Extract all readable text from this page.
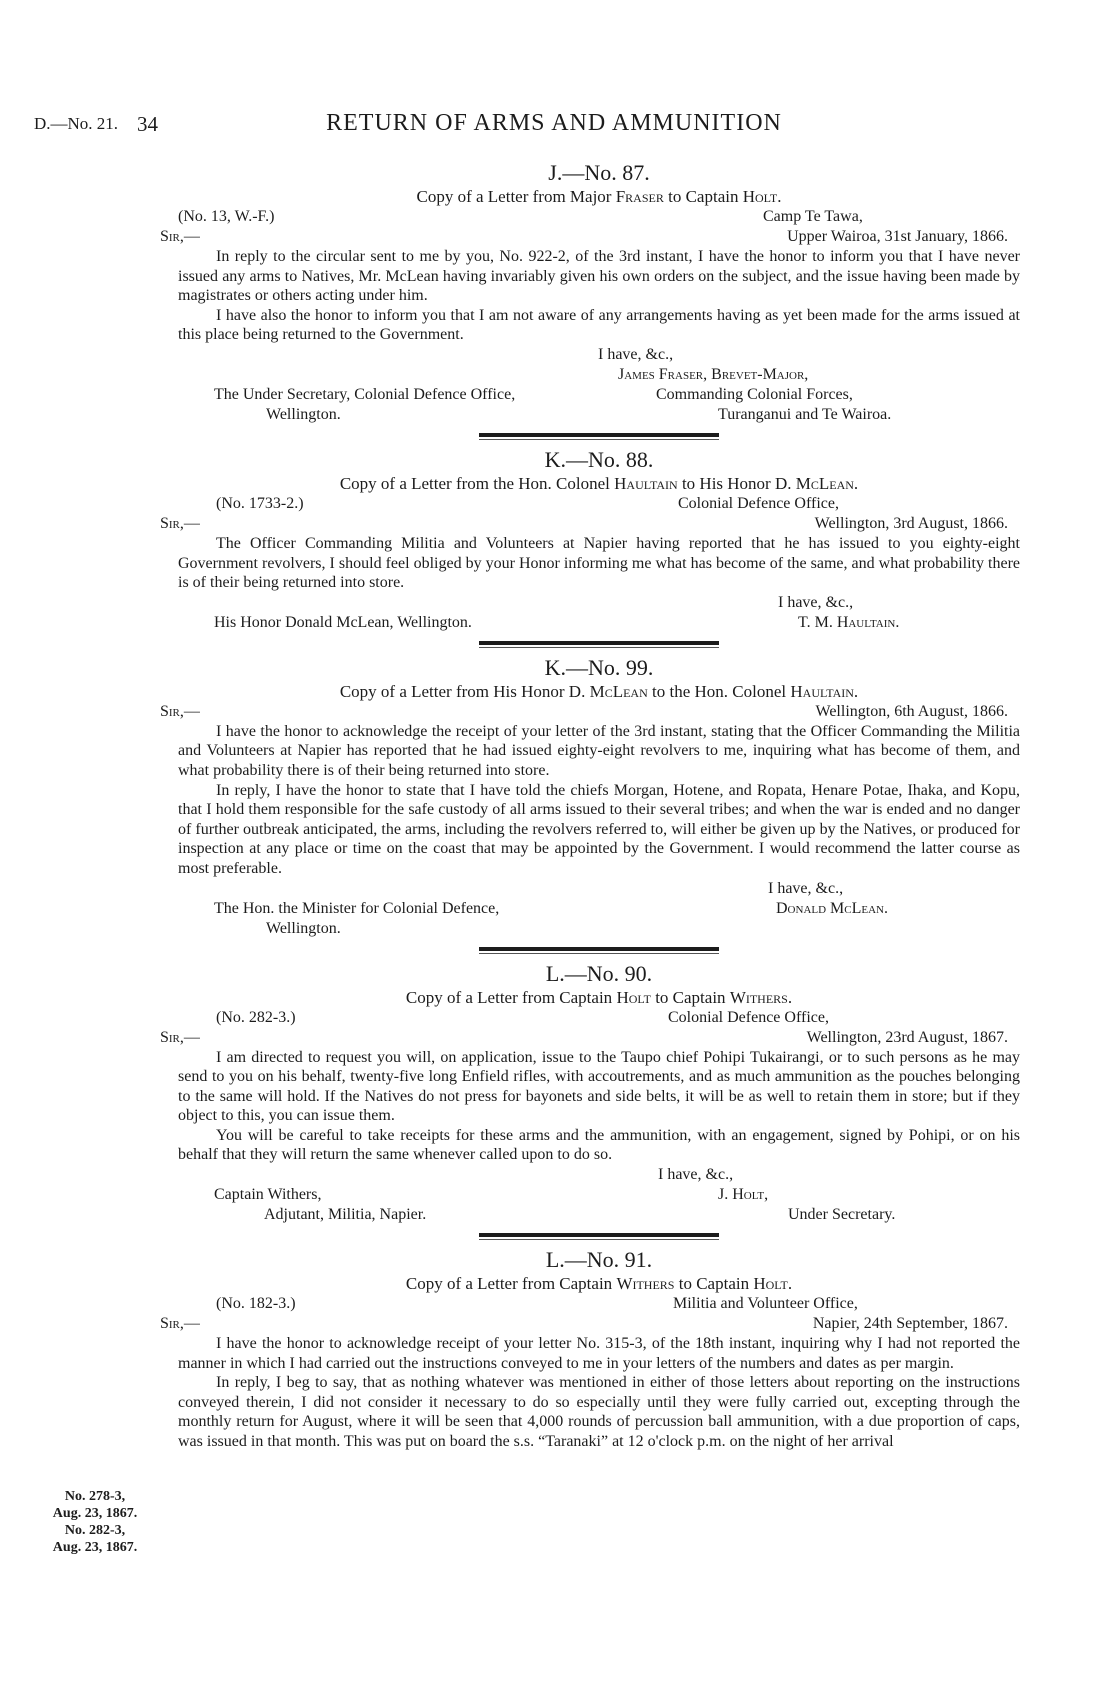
D.—No. 21. 34	RETURN OF ARMS AND AMMUNITION
No. 278-3,
Aug. 23, 1867.
No. 282-3,
Aug. 23, 1867.
J.—No. 87.
Copy of a Letter from Major Fraser to Captain Holt.
(No. 13, W.-F.)	Camp Te Tawa,
Sir,—	Upper Wairoa, 31st January, 1866.

In reply to the circular sent to me by you, No. 922-2, of the 3rd instant, I have the honor to inform you that I have never issued any arms to Natives, Mr. McLean having invariably given his own orders on the subject, and the issue having been made by magistrates or others acting under him.

I have also the honor to inform you that I am not aware of any arrangements having as yet been made for the arms issued at this place being returned to the Government.

I have, &c.,
James Fraser, Brevet-Major,
The Under Secretary, Colonial Defence Office,	Commanding Colonial Forces,
Wellington.	Turanganui and Te Wairoa.
K.—No. 88.
Copy of a Letter from the Hon. Colonel Haultain to His Honor D. McLean.
(No. 1733-2.)	Colonial Defence Office,
Sir,—	Wellington, 3rd August, 1866.

The Officer Commanding Militia and Volunteers at Napier having reported that he has issued to you eighty-eight Government revolvers, I should feel obliged by your Honor informing me what has become of the same, and what probability there is of their being returned into store.

I have, &c.,
His Honor Donald McLean, Wellington.	T. M. Haultain.
K.—No. 99.
Copy of a Letter from His Honor D. McLean to the Hon. Colonel Haultain.
Sir,—	Wellington, 6th August, 1866.

I have the honor to acknowledge the receipt of your letter of the 3rd instant, stating that the Officer Commanding the Militia and Volunteers at Napier has reported that he had issued eighty-eight revolvers to me, inquiring what has become of them, and what probability there is of their being returned into store.

In reply, I have the honor to state that I have told the chiefs Morgan, Hotene, and Ropata, Henare Potae, Ihaka, and Kopu, that I hold them responsible for the safe custody of all arms issued to their several tribes; and when the war is ended and no danger of further outbreak anticipated, the arms, including the revolvers referred to, will either be given up by the Natives, or produced for inspection at any place or time on the coast that may be appointed by the Government. I would recommend the latter course as most preferable.

I have, &c.,
The Hon. the Minister for Colonial Defence,	Donald McLean.
Wellington.
L.—No. 90.
Copy of a Letter from Captain Holt to Captain Withers.
(No. 282-3.)	Colonial Defence Office,
Sir,—	Wellington, 23rd August, 1867.

I am directed to request you will, on application, issue to the Taupo chief Pohipi Tukairangi, or to such persons as he may send to you on his behalf, twenty-five long Enfield rifles, with accoutrements, and as much ammunition as the pouches belonging to the same will hold. If the Natives do not press for bayonets and side belts, it will be as well to retain them in store; but if they object to this, you can issue them.

You will be careful to take receipts for these arms and the ammunition, with an engagement, signed by Pohipi, or on his behalf that they will return the same whenever called upon to do so.

I have, &c.,
Captain Withers,	J. Holt,
Adjutant, Militia, Napier.	Under Secretary.
L.—No. 91.
Copy of a Letter from Captain Withers to Captain Holt.
(No. 182-3.)	Militia and Volunteer Office,
Sir,—	Napier, 24th September, 1867.

I have the honor to acknowledge receipt of your letter No. 315-3, of the 18th instant, inquiring why I had not reported the manner in which I had carried out the instructions conveyed to me in your letters of the numbers and dates as per margin.

In reply, I beg to say, that as nothing whatever was mentioned in either of those letters about reporting on the instructions conveyed therein, I did not consider it necessary to do so especially until they were fully carried out, excepting through the monthly return for August, where it will be seen that 4,000 rounds of percussion ball ammunition, with a due proportion of caps, was issued in that month. This was put on board the s.s. “Taranaki” at 12 o'clock p.m. on the night of her arrival
